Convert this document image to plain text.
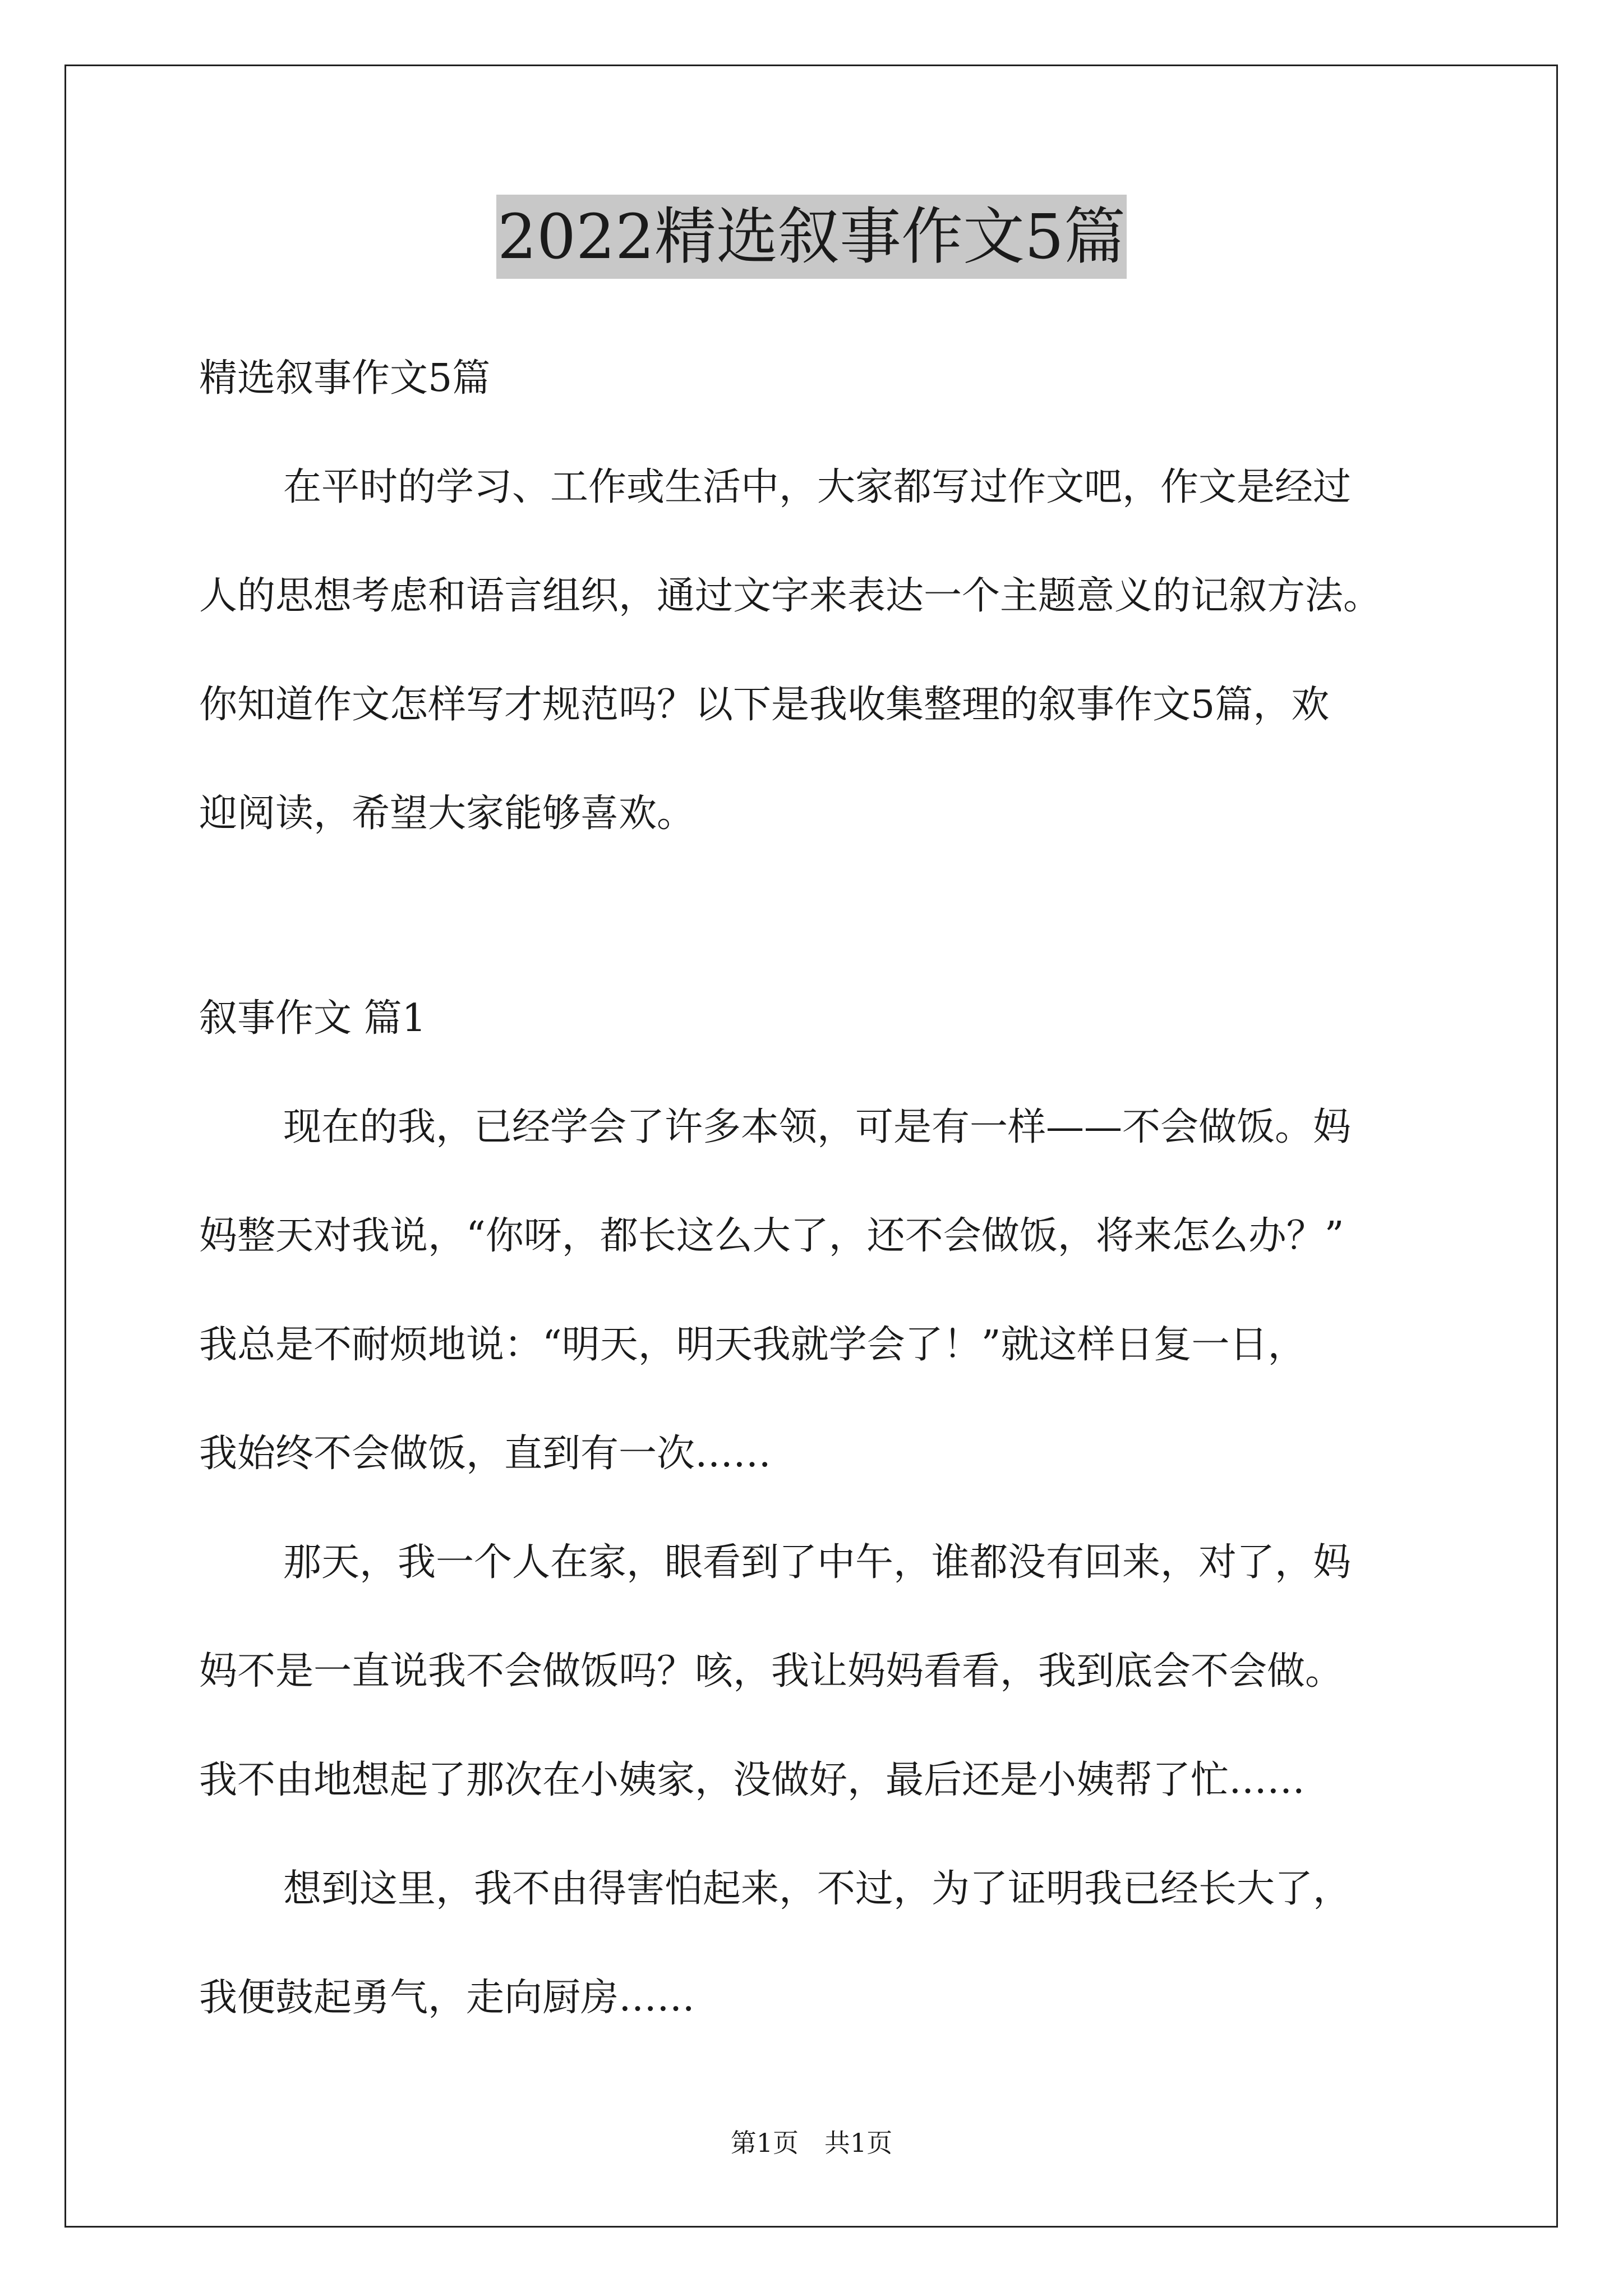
2022精选叙事作文5篇
精选叙事作文5篇
在平时的学习、工作或生活中，大家都写过作文吧，作文是经过
人的思想考虑和语言组织，通过文字来表达一个主题意义的记叙方法。
你知道作文怎样写才规范吗？以下是我收集整理的叙事作文5篇，欢
迎阅读，希望大家能够喜欢。
叙事作文 篇1
现在的我，已经学会了许多本领，可是有一样——不会做饭。妈
妈整天对我说，“你呀，都长这么大了，还不会做饭，将来怎么办？”
我总是不耐烦地说：“明天，明天我就学会了！”就这样日复一日，
我始终不会做饭，直到有一次……
那天，我一个人在家，眼看到了中午，谁都没有回来，对了，妈
妈不是一直说我不会做饭吗？咳，我让妈妈看看，我到底会不会做。
我不由地想起了那次在小姨家，没做好，最后还是小姨帮了忙……
想到这里，我不由得害怕起来，不过，为了证明我已经长大了，
我便鼓起勇气，走向厨房……
第1页　共1页
